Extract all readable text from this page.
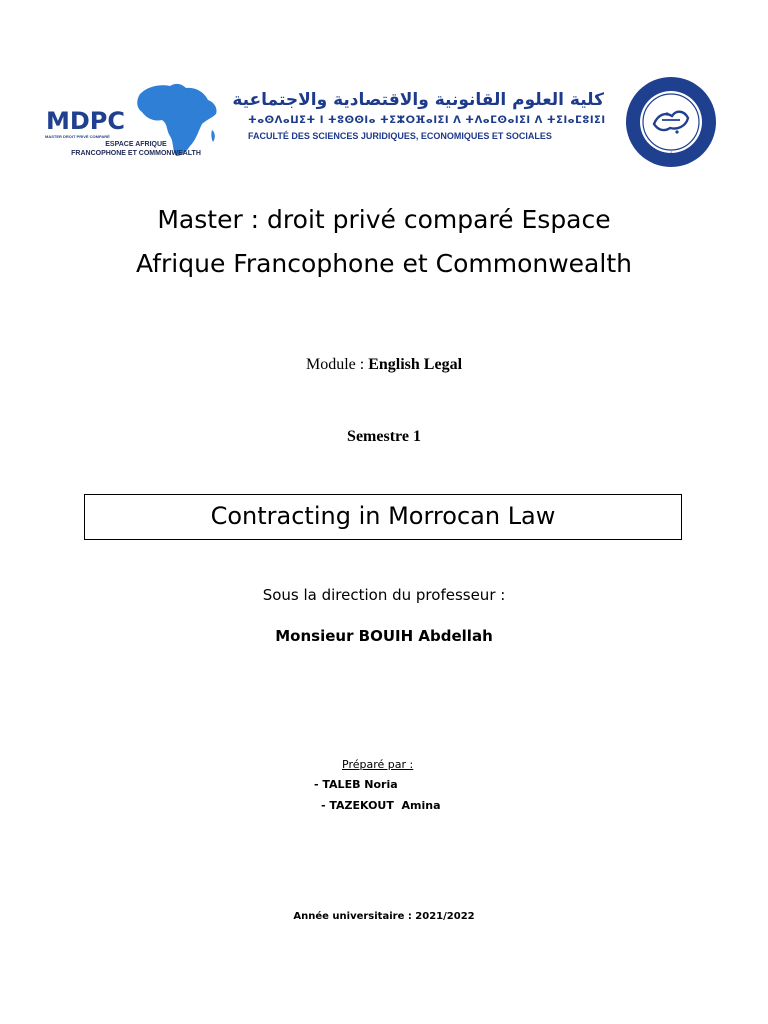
MDPC
MASTER DROIT PRIVÉ COMPARÉ
ESPACE AFRIQUE
FRANCOPHONE ET COMMONWEALTH
كلية العلوم القانونية والاقتصادية والاجتماعية
ⵜⴰⵙⴷⴰⵡⵉⵜ ⵏ ⵜⵓⵙⵙⵏⴰ ⵜⵉⵣⵔⴼⴰⵏⵉⵏ ⴷ ⵜⴷⴰⵎⵙⴰⵏⵉⵏ ⴷ ⵜⵉⵏⴰⵎⵓⵏⵉⵏ
FACULTÉ DES SCIENCES JURIDIQUES, ECONOMIQUES ET SOCIALES	UNIVERSITÉ IBN ZOHR - AGADIR
Master : droit privé comparé Espace
Afrique Francophone et Commonwealth
Module : English Legal
Semestre 1
Contracting in Morrocan Law
Sous la direction du professeur :
Monsieur BOUIH Abdellah
Préparé par :
- TALEB Noria
- TAZEKOUT  Amina
Année universitaire : 2021/2022
